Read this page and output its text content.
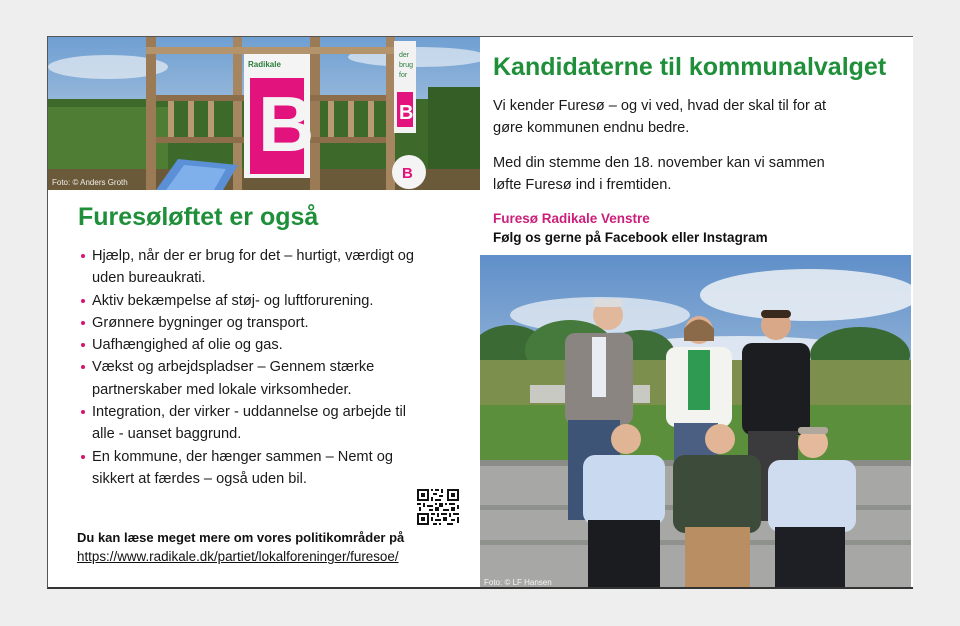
der
brug
for
B
B
Radikale
B
Foto: © Anders Groth
Furesøløftet er også
Hjælp, når der er brug for det – hurtigt, værdigt og
uden bureaukrati.
Aktiv bekæmpelse af støj- og luftforurening.
Grønnere bygninger og transport.
Uafhængighed af olie og gas.
Vækst og arbejdspladser – Gennem stærke
partnerskaber med lokale virksomheder.
Integration, der virker - uddannelse og arbejde til
alle - uanset baggrund.
En kommune, der hænger sammen – Nemt og
sikkert at færdes – også uden bil.
Du kan læse meget mere om vores politikområder på
https://www.radikale.dk/partiet/lokalforeninger/furesoe/
Kandidaterne til kommunalvalget

Vi kender Furesø – og vi ved, hvad der skal til for at
gøre kommunen endnu bedre.

Med din stemme den 18. november kan vi sammen
løfte Furesø ind i fremtiden.

Furesø Radikale Venstre
Følg os gerne på Facebook eller Instagram
Foto: © LF Hansen
